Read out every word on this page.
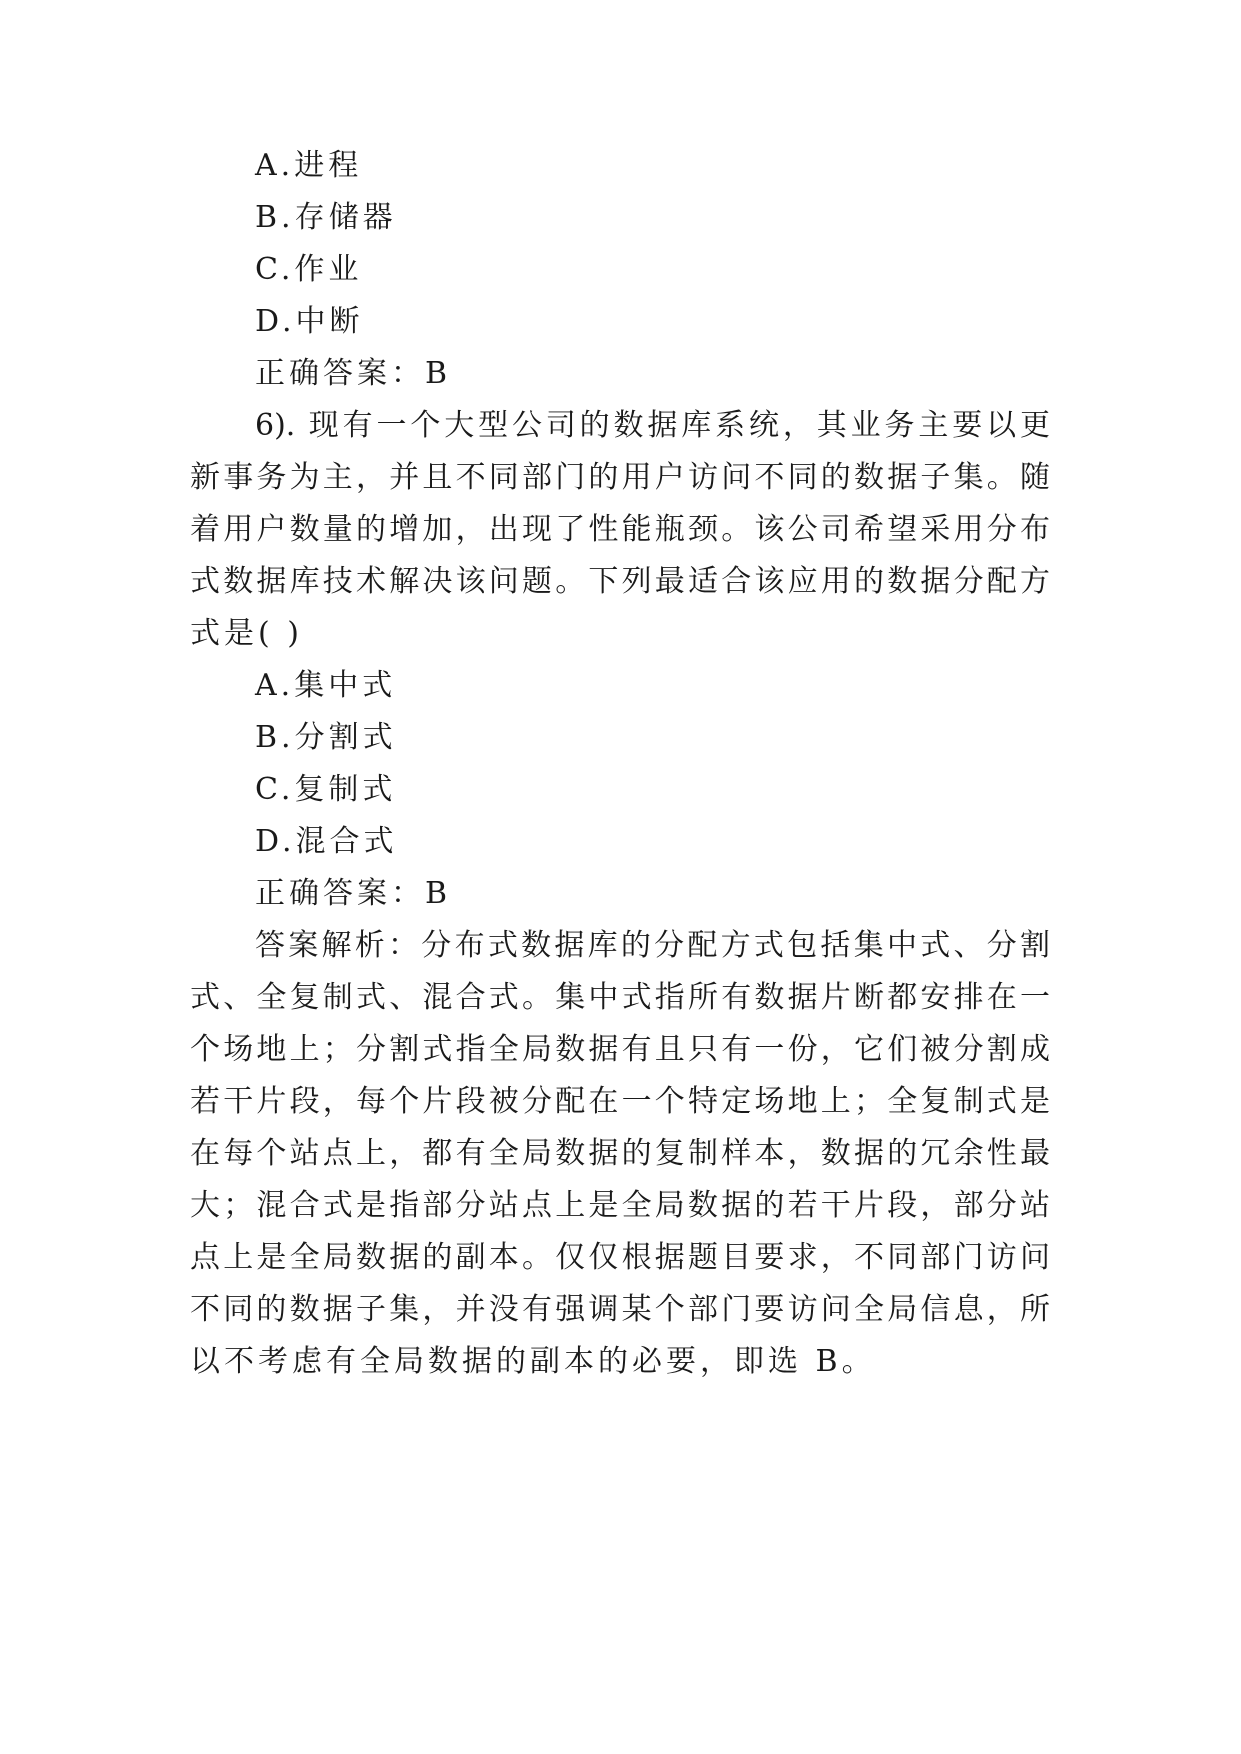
A.进程
B.存储器
C.作业
D.中断
正确答案：B
6). 现有一个大型公司的数据库系统，其业务主要以更
新事务为主，并且不同部门的用户访问不同的数据子集。随
着用户数量的增加，出现了性能瓶颈。该公司希望采用分布
式数据库技术解决该问题。下列最适合该应用的数据分配方
式是( )
A.集中式
B.分割式
C.复制式
D.混合式
正确答案：B
答案解析：分布式数据库的分配方式包括集中式、分割
式、全复制式、混合式。集中式指所有数据片断都安排在一
个场地上；分割式指全局数据有且只有一份，它们被分割成
若干片段，每个片段被分配在一个特定场地上；全复制式是
在每个站点上，都有全局数据的复制样本，数据的冗余性最
大；混合式是指部分站点上是全局数据的若干片段，部分站
点上是全局数据的副本。仅仅根据题目要求，不同部门访问
不同的数据子集，并没有强调某个部门要访问全局信息，所
以不考虑有全局数据的副本的必要，即选 B。
